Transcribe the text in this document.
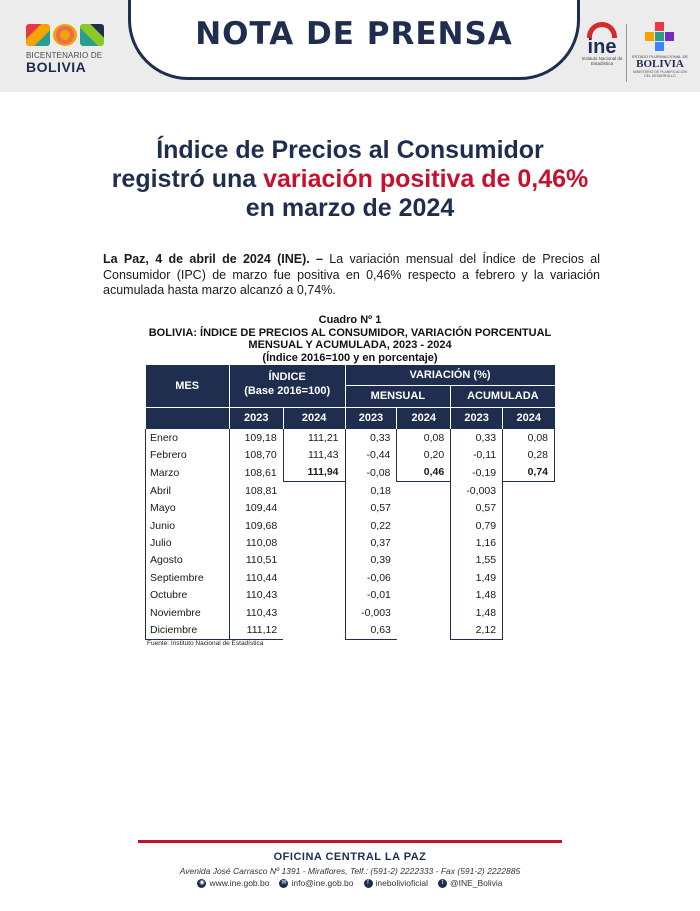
BICENTENARIO DE
BOLIVIA
NOTA DE PRENSA	ine
Instituto Nacional de Estadística
ESTADO PLURINACIONAL DE
BOLIVIA
MINISTERIO DE PLANIFICACIÓN DEL DESARROLLO
Índice de Precios al Consumidor
registró una variación positiva de 0,46%
en marzo de 2024
La Paz, 4 de abril de 2024 (INE). – La variación mensual del Índice de Precios al Consumidor (IPC) de marzo fue positiva en 0,46% respecto a febrero y la variación acumulada hasta marzo alcanzó a 0,74%.
Cuadro Nº 1
BOLIVIA: ÍNDICE DE PRECIOS AL CONSUMIDOR, VARIACIÓN PORCENTUAL
MENSUAL Y ACUMULADA, 2023 - 2024
(Índice 2016=100 y en porcentaje)
MES	ÍNDICE		VARIACIÓN (%)			
	(Base 2016=100)		MENSUAL		ACUMULADA	
	2023	2024	2023	2024	2023	2024
Enero	109,18	111,21	0,33	0,08	0,33	0,08
Febrero	108,70	111,43	-0,44	0,20	-0,11	0,28
Marzo	108,61	111,94	-0,08	0,46	-0,19	0,74
Abril	108,81		0,18		-0,003	
Mayo	109,44		0,57		0,57	
Junio	109,68		0,22		0,79	
Julio	110,08		0,37		1,16	
Agosto	110,51		0,39		1,55	
Septiembre	110,44		-0,06		1,49	
Octubre	110,43		-0,01		1,48	
Noviembre	110,43		-0,003		1,48	
Diciembre	111,12		0,63		2,12	
Fuente: Instituto Nacional de Estadística
OFICINA CENTRAL LA PAZ
Avenida José Carrasco Nº 1391 - Miraflores, Telf.: (591-2) 2222333 - Fax (591-2) 2222885
◉ www.ine.gob.bo	✉ info@ine.gob.bo	f inebolivioficial	t @INE_Bolivia
